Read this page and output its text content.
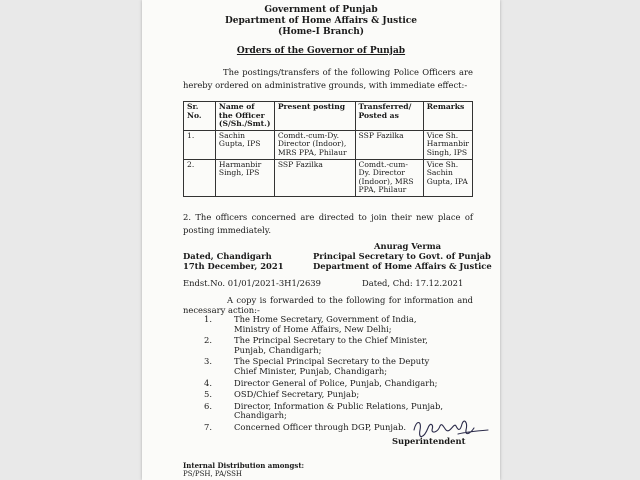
Government of Punjab
Department of Home Affairs & Justice
(Home-I Branch)
Orders of the Governor of Punjab
The postings/transfers of the following Police Officers are hereby ordered on administrative grounds, with immediate effect:-
Sr. No.	Name of the Officer (S/Sh./Smt.)	Present posting	Transferred/ Posted as	Remarks
1.	Sachin Gupta, IPS	Comdt.-cum-Dy. Director (Indoor), MRS PPA, Philaur	SSP Fazilka	Vice Sh. Harmanbir Singh, IPS
2.	Harmanbir Singh, IPS	SSP Fazilka	Comdt.-cum-Dy. Director (Indoor), MRS PPA, Philaur	Vice Sh. Sachin Gupta, IPA
2. The officers concerned are directed to join their new place of posting immediately.
Anurag Verma
Principal Secretary to Govt. of Punjab
Department of Home Affairs & Justice
Dated, Chandigarh
17th December, 2021
Endst.No. 01/01/2021-3H1/2639	Dated, Chd: 17.12.2021
A copy is forwarded to the following for information and necessary action:-
1.	The Home Secretary, Government of India, Ministry of Home Affairs, New Delhi;
2.	The Principal Secretary to the Chief Minister, Punjab, Chandigarh;
3.	The Special Principal Secretary to the Deputy Chief Minister, Punjab, Chandigarh;
4.	Director General of Police, Punjab, Chandigarh;
5.	OSD/Chief Secretary, Punjab;
6.	Director, Information & Public Relations, Punjab, Chandigarh;
7.	Concerned Officer through DGP, Punjab.
Superintendent
Internal Distribution amongst:
PS/PSH, PA/SSH
